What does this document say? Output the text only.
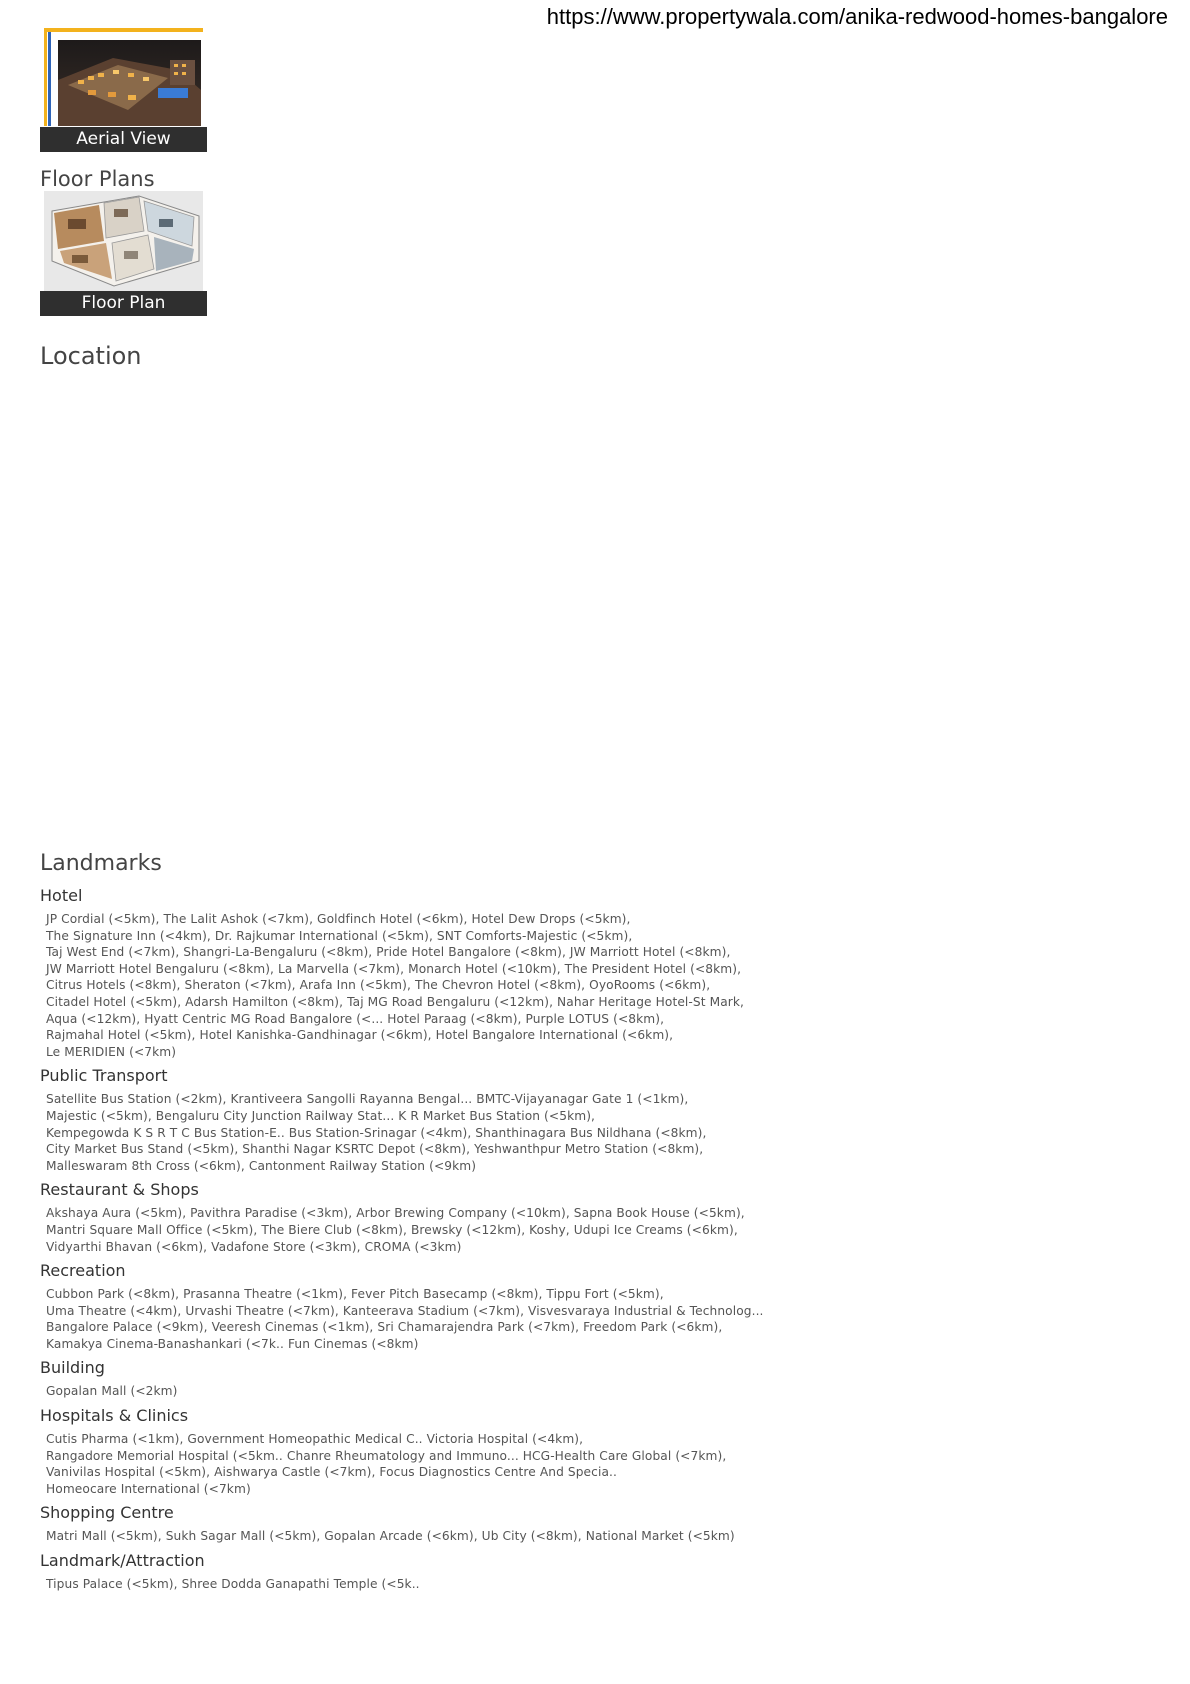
https://www.propertywala.com/anika-redwood-homes-bangalore
Aerial View
Floor Plans
Floor Plan
Location
Landmarks
Hotel
JP Cordial (<5km), The Lalit Ashok (<7km), Goldfinch Hotel (<6km), Hotel Dew Drops (<5km),
The Signature Inn (<4km), Dr. Rajkumar International (<5km), SNT Comforts-Majestic (<5km),
Taj West End (<7km), Shangri-La-Bengaluru (<8km), Pride Hotel Bangalore (<8km), JW Marriott Hotel (<8km),
JW Marriott Hotel Bengaluru (<8km), La Marvella (<7km), Monarch Hotel (<10km), The President Hotel (<8km),
Citrus Hotels (<8km), Sheraton (<7km), Arafa Inn (<5km), The Chevron Hotel (<8km), OyoRooms (<6km),
Citadel Hotel (<5km), Adarsh Hamilton (<8km), Taj MG Road Bengaluru (<12km), Nahar Heritage Hotel-St Mark,
Aqua (<12km), Hyatt Centric MG Road Bangalore (<... Hotel Paraag (<8km), Purple LOTUS (<8km),
Rajmahal Hotel (<5km), Hotel Kanishka-Gandhinagar (<6km), Hotel Bangalore International (<6km),
Le MERIDIEN (<7km)
Public Transport
Satellite Bus Station (<2km), Krantiveera Sangolli Rayanna Bengal... BMTC-Vijayanagar Gate 1 (<1km),
Majestic (<5km), Bengaluru City Junction Railway Stat... K R Market Bus Station (<5km),
Kempegowda K S R T C Bus Station-E.. Bus Station-Srinagar (<4km), Shanthinagara Bus Nildhana (<8km),
City Market Bus Stand (<5km), Shanthi Nagar KSRTC Depot (<8km), Yeshwanthpur Metro Station (<8km),
Malleswaram 8th Cross (<6km), Cantonment Railway Station (<9km)
Restaurant & Shops
Akshaya Aura (<5km), Pavithra Paradise (<3km), Arbor Brewing Company (<10km), Sapna Book House (<5km),
Mantri Square Mall Office (<5km), The Biere Club (<8km), Brewsky (<12km), Koshy, Udupi Ice Creams (<6km),
Vidyarthi Bhavan (<6km), Vadafone Store (<3km), CROMA (<3km)
Recreation
Cubbon Park (<8km), Prasanna Theatre (<1km), Fever Pitch Basecamp (<8km), Tippu Fort (<5km),
Uma Theatre (<4km), Urvashi Theatre (<7km), Kanteerava Stadium (<7km), Visvesvaraya Industrial & Technolog...
Bangalore Palace (<9km), Veeresh Cinemas (<1km), Sri Chamarajendra Park (<7km), Freedom Park (<6km),
Kamakya Cinema-Banashankari (<7k.. Fun Cinemas (<8km)
Building
Gopalan Mall (<2km)
Hospitals & Clinics
Cutis Pharma (<1km), Government Homeopathic Medical C.. Victoria Hospital (<4km),
Rangadore Memorial Hospital (<5km.. Chanre Rheumatology and Immuno... HCG-Health Care Global (<7km),
Vanivilas Hospital (<5km), Aishwarya Castle (<7km), Focus Diagnostics Centre And Specia..
Homeocare International (<7km)
Shopping Centre
Matri Mall (<5km), Sukh Sagar Mall (<5km), Gopalan Arcade (<6km), Ub City (<8km), National Market (<5km)
Landmark/Attraction
Tipus Palace (<5km), Shree Dodda Ganapathi Temple (<5k..
